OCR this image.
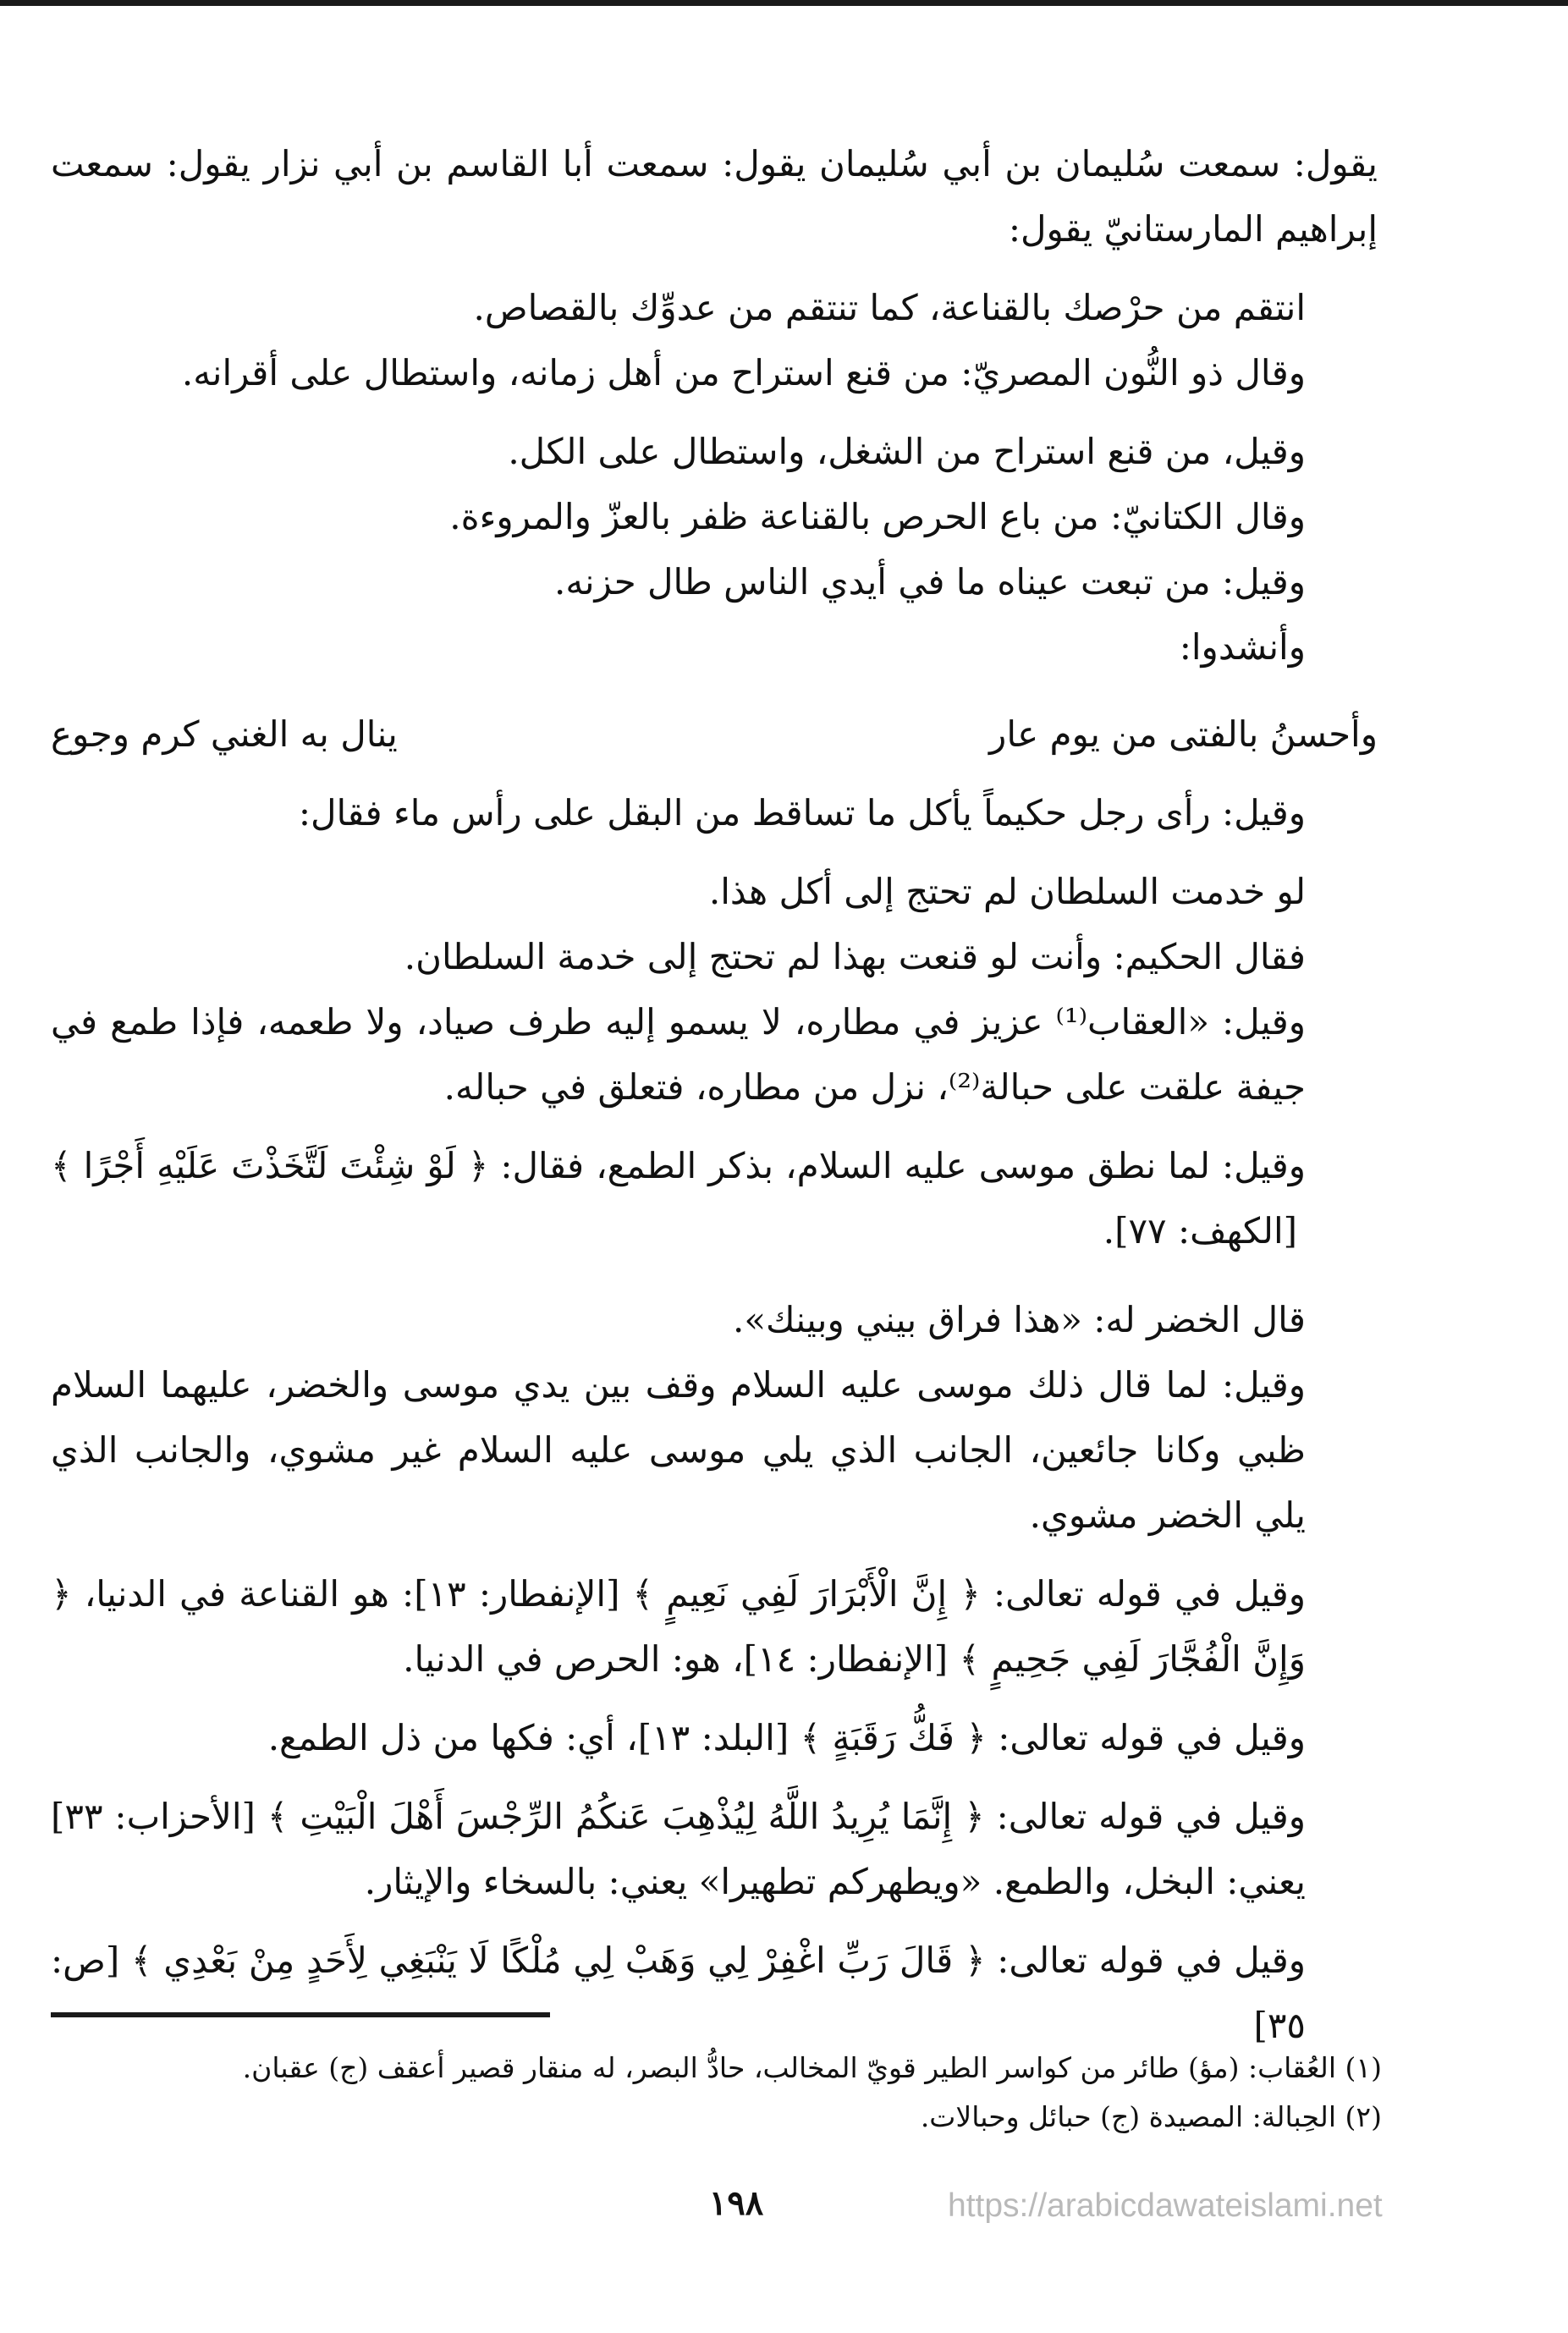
يقول: سمعت سُليمان بن أبي سُليمان يقول: سمعت أبا القاسم بن أبي نزار يقول: سمعت إبراهيم المارستانيّ يقول:

انتقم من حرْصك بالقناعة، كما تنتقم من عدوِّك بالقصاص.

وقال ذو النُّون المصريّ: من قنع استراح من أهل زمانه، واستطال على أقرانه.

وقيل، من قنع استراح من الشغل، واستطال على الكل.

وقال الكتانيّ: من باع الحرص بالقناعة ظفر بالعزّ والمروءة.

وقيل: من تبعت عيناه ما في أيدي الناس طال حزنه.

وأنشدوا:

وأحسنُ بالفتى من يوم عار
ينال به الغني كرم وجوع

وقيل: رأى رجل حكيماً يأكل ما تساقط من البقل على رأس ماء فقال:

لو خدمت السلطان لم تحتج إلى أكل هذا.

فقال الحكيم: وأنت لو قنعت بهذا لم تحتج إلى خدمة السلطان.

وقيل: «العقاب⁽¹⁾ عزيز في مطاره، لا يسمو إليه طرف صياد، ولا طعمه، فإذا طمع في جيفة علقت على حبالة⁽²⁾، نزل من مطاره، فتعلق في حباله.

وقيل: لما نطق موسى عليه السلام، بذكر الطمع، فقال: ﴿ لَوْ شِئْتَ لَتَّخَذْتَ عَلَيْهِ أَجْرًا ﴾ [الكهف: ٧٧].

قال الخضر له: «هذا فراق بيني وبينك».

وقيل: لما قال ذلك موسى عليه السلام وقف بين يدي موسى والخضر، عليهما السلام ظبي وكانا جائعين، الجانب الذي يلي موسى عليه السلام غير مشوي، والجانب الذي يلي الخضر مشوي.

وقيل في قوله تعالى: ﴿ إِنَّ الْأَبْرَارَ لَفِي نَعِيمٍ ﴾ [الإنفطار: ١٣]: هو القناعة في الدنيا، ﴿ وَإِنَّ الْفُجَّارَ لَفِي جَحِيمٍ ﴾ [الإنفطار: ١٤]، هو: الحرص في الدنيا.

وقيل في قوله تعالى: ﴿ فَكُّ رَقَبَةٍ ﴾ [البلد: ١٣]، أي: فكها من ذل الطمع.

وقيل في قوله تعالى: ﴿ إِنَّمَا يُرِيدُ اللَّهُ لِيُذْهِبَ عَنكُمُ الرِّجْسَ أَهْلَ الْبَيْتِ ﴾ [الأحزاب: ٣٣] يعني: البخل، والطمع. «ويطهركم تطهيرا» يعني: بالسخاء والإيثار.

وقيل في قوله تعالى: ﴿ قَالَ رَبِّ اغْفِرْ لِي وَهَبْ لِي مُلْكًا لَا يَنْبَغِي لِأَحَدٍ مِنْ بَعْدِي ﴾ [ص: ٣٥]

(١) العُقاب: (مؤ) طائر من كواسر الطير قويّ المخالب، حادُّ البصر، له منقار قصير أعقف (ج) عقبان.

(٢) الحِبالة: المصيدة (ج) حبائل وحبالات.

١٩٨	https://arabicdawateislami.net
